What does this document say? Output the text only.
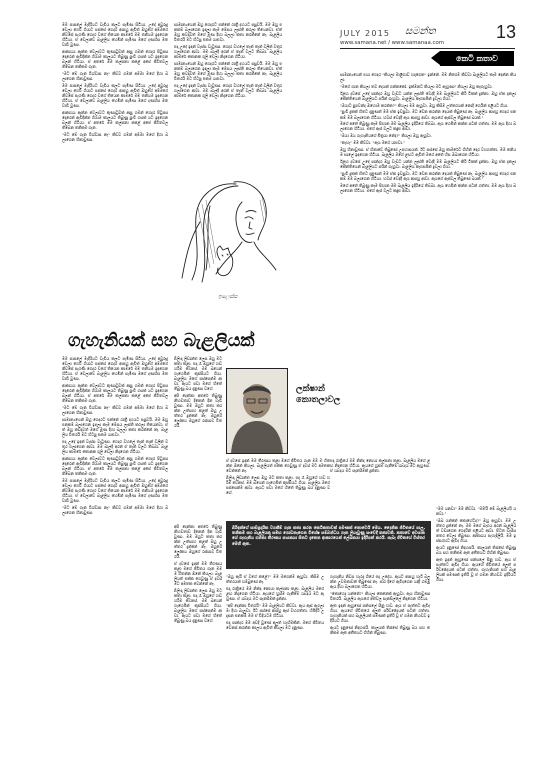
JULY 2015 සමන්ත	13
www.samana.net / www.samanaa.com
කෙටි කතාව

මම පාසලේ මැදිරියට වැඩිය කලට පැමිණ සිටියා. උදේ අවුරුදු වෙලා ගෙවී ගියාට පස්සේ ගෙදර ආපහු ඇවිත් ඔහුගේ අම්මගේ නිවසේ පැරණි ගෙදර වගේ තියෙන කාමරේ මම තනියම ඉඳගෙන හිටියා. ඒ වෙලාවේ බැළලිය හෙමින් පැමිණ මගේ දණහිස මත වාඩි වුණා.

ආකාශය ඇන්න වෙලාවට කුණාටුවක් ආපු ගමන් ගෙදර පිටුපස දොරෙන් ඇවිදින්න ගියාම කාලයට තිබුණු පුංචි ගසක් යට ඉඳගෙන බලන් හිටියා. ඒ අතරේ මම කල්පනා කළේ අපේ ජීවිතවල තිබෙන තනිකම ගැන.

"මට මේ ගැන විශ්වාස නෑ" කිව්ව ගමන් අම්මා මගේ දිහා බලාගෙන හිනාවුණා.

මම පාසලේ මැදිරියට වැඩිය කලට පැමිණ සිටියා. උදේ අවුරුදු වෙලා ගෙවී ගියාට පස්සේ ගෙදර ආපහු ඇවිත් ඔහුගේ අම්මගේ නිවසේ පැරණි ගෙදර වගේ තියෙන කාමරේ මම තනියම ඉඳගෙන හිටියා. ඒ වෙලාවේ බැළලිය හෙමින් පැමිණ මගේ දණහිස මත වාඩි වුණා.

ආකාශය ඇන්න වෙලාවට කුණාටුවක් ආපු ගමන් ගෙදර පිටුපස දොරෙන් ඇවිදින්න ගියාම කාලයට තිබුණු පුංචි ගසක් යට ඉඳගෙන බලන් හිටියා. ඒ අතරේ මම කල්පනා කළේ අපේ ජීවිතවල තිබෙන තනිකම ගැන.

"මට මේ ගැන විශ්වාස නෑ" කිව්ව ගමන් අම්මා මගේ දිහා බලාගෙන හිනාවුණා.

සාමාන්‍යයෙන් ඔහු ගෙදරට එන්නේ රාත්‍රී දහයට පසුවයි. මම ඔහු එනකම් බලාගෙන ඉඳලා කෑම මේසය ලෑස්ති කරලා තියෙනවා. ඒත් ඔහු කවදාවත් මගේ මූණ දිහා බලලා කතා කරන්නේ නෑ. බැළලිය විතරයි මට හිටපු එකම යාළුවා.

එදා උදේ ඉඳන් වැස්ස වැටුණා. ගෙදර වහලේ තැන් තැන් වලින් වතුර ගලාගෙන ආවා. මම බාල්දි අරන් ඒ තැන් වලට තිබ්බා. බැළලිය කාමරේ කොනක ගුලි වෙලා නිදාගෙන හිටියා.

සාමාන්‍යයෙන් ඔහු ගෙදරට එන්නේ රාත්‍රී දහයට පසුවයි. මම ඔහු එනකම් බලාගෙන ඉඳලා කෑම මේසය ලෑස්ති කරලා තියෙනවා. ඒත් ඔහු කවදාවත් මගේ මූණ දිහා බලලා කතා කරන්නේ නෑ. බැළලිය විතරයි මට හිටපු එකම යාළුවා.

එදා උදේ ඉඳන් වැස්ස වැටුණා. ගෙදර වහලේ තැන් තැන් වලින් වතුර ගලාගෙන ආවා. මම බාල්දි අරන් ඒ තැන් වලට තිබ්බා. බැළලිය කාමරේ කොනක ගුලි වෙලා නිදාගෙන හිටියා.

ඉලෙස්ස

සාමාන්‍යයෙන් එයා ගෙදර "කියලා මාළිගාව හදාගෙන" ඉන්නේ. මම නිතරම කිව්වා බැළලියට කෑම දෙන්න කියලා.

"මගේ ගාන කියලා තව දෙයක් ගන්නකෝ. ඉක්මනට කියලා මට ඇහුණා" කියලා ඔහු කෑගැහුවා.

ඊළඟ දවසේ උදේ පාන්දර ඔහු වැඩට යන්න ලෑස්ති වෙද්දී මම බැළලියට කිරි ටිකක් දුන්නා. ඔහු ඒක දැකලා කේන්තියෙන් බැළලියට පයින් ගැහුවා. බැළලිය කෑගසමින් දුවලා ගියා.

"ඔයාට පුළුවන්ද ඔහොම කරන්න?" කියලා මම ඇහුවා. ඔහු කිසිම උත්තරයක් නොදී ගෙයින් එළියට ගියා.

"පුංචි දුකක් හිතට දැනුණත් මම ඒක ඉවසුවා. මට වෙන කරන්න දෙයක් තිබුණේ නෑ. බැළලිය ආපහු ගෙදර එනකම් මම බලාගෙන හිටියා. හවස් වෙද්දී ඇය ආපහු ආවා. ඇයගේ ඇස්වල තිබුණේ බයක්."

මගේ අතේ තිබුණු කෑම පිඟාන මම බැළලිය ඉදිරියේ තිබ්බා. ඇය හෙමින් කන්න පටන් ගත්තා. මම ඇය දිහා බලාගෙන හිටියා. මගේ ඇස් වලට කඳුළු ආවා.

"ඔයා ඔය ගැහැනියගේ මිත්‍රයා නේද?" කියලා ඔහු ඇහුවා.

"නැහැ" මම කිව්වා. "ඇය මගේ යාළුවා."

ඔහු හිනාවුණා. ඒ හිනාවේ තිබුණේ උපහාසයක්. ඊට පස්සේ ඔහු කාමරේට ගිහින් දොර වහගත්තා. මම තනියම සාලේ ඉඳගෙන හිටියා. බැළලිය මගේ ළඟට ඇවිත් මගේ අතේ හිස ඔබාගෙන හිටියා.

ඊළඟ දවසේ උදේ පාන්දර ඔහු වැඩට යන්න ලෑස්ති වෙද්දී මම බැළලියට කිරි ටිකක් දුන්නා. ඔහු ඒක දැකලා කේන්තියෙන් බැළලියට පයින් ගැහුවා. බැළලිය කෑගසමින් දුවලා ගියා.

"පුංචි දුකක් හිතට දැනුණත් මම ඒක ඉවසුවා. මට වෙන කරන්න දෙයක් තිබුණේ නෑ. බැළලිය ආපහු ගෙදර එනකම් මම බලාගෙන හිටියා. හවස් වෙද්දී ඇය ආපහු ආවා. ඇයගේ ඇස්වල තිබුණේ බයක්."

මගේ අතේ තිබුණු කෑම පිඟාන මම බැළලිය ඉදිරියේ තිබ්බා. ඇය හෙමින් කන්න පටන් ගත්තා. මම ඇය දිහා බලාගෙන හිටියා. මගේ ඇස් වලට කඳුළු ආවා.

ගැහැනියක් සහ බැළලියක්

මම පාසලේ මැදිරියට වැඩිය කලට පැමිණ සිටියා. උදේ අවුරුදු වෙලා ගෙවී ගියාට පස්සේ ගෙදර ආපහු ඇවිත් ඔහුගේ අම්මගේ නිවසේ පැරණි ගෙදර වගේ තියෙන කාමරේ මම තනියම ඉඳගෙන හිටියා. ඒ වෙලාවේ බැළලිය හෙමින් පැමිණ මගේ දණහිස මත වාඩි වුණා.

ආකාශය ඇන්න වෙලාවට කුණාටුවක් ආපු ගමන් ගෙදර පිටුපස දොරෙන් ඇවිදින්න ගියාම කාලයට තිබුණු පුංචි ගසක් යට ඉඳගෙන බලන් හිටියා. ඒ අතරේ මම කල්පනා කළේ අපේ ජීවිතවල තිබෙන තනිකම ගැන.

"මට මේ ගැන විශ්වාස නෑ" කිව්ව ගමන් අම්මා මගේ දිහා බලාගෙන හිනාවුණා.

සාමාන්‍යයෙන් ඔහු ගෙදරට එන්නේ රාත්‍රී දහයට පසුවයි. මම ඔහු එනකම් බලාගෙන ඉඳලා කෑම මේසය ලෑස්ති කරලා තියෙනවා. ඒත් ඔහු කවදාවත් මගේ මූණ දිහා බලලා කතා කරන්නේ නෑ. බැළලිය විතරයි මට හිටපු එකම යාළුවා.

එදා උදේ ඉඳන් වැස්ස වැටුණා. ගෙදර වහලේ තැන් තැන් වලින් වතුර ගලාගෙන ආවා. මම බාල්දි අරන් ඒ තැන් වලට තිබ්බා. බැළලිය කාමරේ කොනක ගුලි වෙලා නිදාගෙන හිටියා.

ආකාශය ඇන්න වෙලාවට කුණාටුවක් ආපු ගමන් ගෙදර පිටුපස දොරෙන් ඇවිදින්න ගියාම කාලයට තිබුණු පුංචි ගසක් යට ඉඳගෙන බලන් හිටියා. ඒ අතරේ මම කල්පනා කළේ අපේ ජීවිතවල තිබෙන තනිකම ගැන.

මම පාසලේ මැදිරියට වැඩිය කලට පැමිණ සිටියා. උදේ අවුරුදු වෙලා ගෙවී ගියාට පස්සේ ගෙදර ආපහු ඇවිත් ඔහුගේ අම්මගේ නිවසේ පැරණි ගෙදර වගේ තියෙන කාමරේ මම තනියම ඉඳගෙන හිටියා. ඒ වෙලාවේ බැළලිය හෙමින් පැමිණ මගේ දණහිස මත වාඩි වුණා.

"මට මේ ගැන විශ්වාස නෑ" කිව්ව ගමන් අම්මා මගේ දිහා බලාගෙන හිනාවුණා.

බිලිංදා ලීඩාන්ත ලෙස ඔහු මට කතා කළා. එදා රෑ ඔහුගේ හඬ හරිම වෙනස්. මම බයෙන් ගැහෙමින් කුස්සියට ගියා. බැළලිය මගේ පස්සෙන්ම ආවා. ඇයට පවා මගේ හිතේ තිබුණු බය දැනුණා වගේ.

අපි දෙන්නා අතරේ තිබුණු නිහඬතාව දිනෙන් දින වැඩි වුණා. මම ඔහුට කතා කරන්න උත්සාහ කළත් ඔහු උත්තර දුන්නේ නෑ. ඔහුගේ ලෝකය ඔහුගේ රස්සාව විතරයි.

ලක්ෂාන් කොතලාවල

ඒ දවසේ ඉඳන් මම තීරණය කළා මගේ ජීවිතය ගැන මම ම හිතන්න ඕනේ කියලා. බැළලියත් එක්ක ගෙවුණු ඒ දවස් මට අමතක වෙන්නේ නෑ.

බිලිංදා ලීඩාන්ත ලෙස ඔහු මට කතා කළා. එදා රෑ ඔහුගේ හඬ හරිම වෙනස්. මම බයෙන් ගැහෙමින් කුස්සියට ගියා. බැළලිය මගේ පස්සෙන්ම ආවා. ඇයට පවා මගේ හිතේ තිබුණු බය දැනුණා වගේ.

බිරිඳක්ගේ සාම්ප්‍රදායික වගකීම් ගැන කතා කරන කෙටිකතාවක් පමණක් නොවෙයි මෙය. දෛනික ජීවිතයේ පාලු, තනිකම සහ බැළලියකු සමඟ ගොඩනැගෙන විශේෂ සම්බන්ධය ගැන ලියැවුණු සංවේදී කතාවකි. කතාවේ අවසානයේ ගැහැනිය ගන්නා තීරණය පාඨකයා සිතට දැනෙන ආකාරයෙන් ලේඛකයා ඉදිරිපත් කරයි. සැබෑ ජීවිතයේ විස්තර මෙහි ඇත.

අපි දෙන්නා අතරේ තිබුණු නිහඬතාව දිනෙන් දින වැඩි වුණා. මම ඔහුට කතා කරන්න උත්සාහ කළත් ඔහු උත්තර දුන්නේ නෑ. ඔහුගේ ලෝකය ඔහුගේ රස්සාව විතරයි.

ඒ දවසේ ඉඳන් මම තීරණය කළා මගේ ජීවිතය ගැන මම ම හිතන්න ඕනේ කියලා. බැළලියත් එක්ක ගෙවුණු ඒ දවස් මට අමතක වෙන්නේ නෑ.

බිලිංදා ලීඩාන්ත ලෙස ඔහු මට කතා කළා. එදා රෑ ඔහුගේ හඬ හරිම වෙනස්. මම බයෙන් ගැහෙමින් කුස්සියට ගියා. බැළලිය මගේ පස්සෙන්ම ආවා. ඇයට පවා මගේ හිතේ තිබුණු බය දැනුණා වගේ.

"ඔහු ඇයි ඒ වගේ කළේ?" මම මගෙන්ම ඇහුවා. කිසිම උත්තරයක් හම්බුණේ නෑ.

එදා රාත්‍රියේ මම නින්ද නොයා කල්පනා කළා. බැළලිය මගේ ළඟ නිදාගෙන හිටියා. ඇයගේ හුස්ම ගැනීමේ ශබ්දය මට ඇහුණා. ඒ ශබ්දය මට සැනසීමක් දුන්නා.

"අපි දෙන්නා විතරයි" මම බැළලියට කිව්වා. ඇය ඇස් ඇරලා මං දිහා බැලුවා. ඊට පස්සේ ආපහු ඇස් වහගත්තා. හිමිදිරි උදෑසන එනකම් මම ඒ විදියටම හිටියා.

එදා පාන්දර මම අවදි වුණේ අලුත් හැඟීමකින්. මගේ ජීවිතය වෙනස් කරන්න කාලය ඇවිත් කියලා මට දැනුණා.

එදා රාත්‍රියේ මම නින්ද නොයා කල්පනා කළා. බැළලිය මගේ ළඟ නිදාගෙන හිටියා. ඇයගේ හුස්ම ගැනීමේ ශබ්දය මට ඇහුණා. ඒ ශබ්දය මට සැනසීමක් දුන්නා.

ගැහැනිය නිවස හැරදා ගියේ එදා උදේය. ඇයට ආපහු හැරී බලන්න උවමනාවක් තිබුණේ නෑ. පාර දිගේ ඇවිදගෙන යද්දී ගම්මු ඇය දිහා බලාගෙන හිටියා.

"කොහෙද යන්නේ?" කියලා කෙනෙක් ඇහුවා. ඇය හිනාවුණා විතරයි. බැළලිය ඇයගේ අත්වල සැනසිල්ලේ නිදාගෙන හිටියා.

ඈත ඉඳන් ඇහුණේ පන්සලේ සීනු හඬ. ඇය ඒ පැත්තට ඇවිද ගියා. ඇයගේ ජීවිතයේ අලුත් පරිච්ඡේදයක් පටන් ගත්තා. ගැහැනියක් සහ බැළලියක් පමණක් ඉතිරි වූ ඒ ගමන නිහඬව ඉදිරියට ගියා.

ඇයට දැනුණේ නිදහසයි. කාලයක් තිස්සේ තිබුණු බය සහ තනිකම ඈත අතීතයට ගිහින් තිබුණා.

"මම යනවා" මම කිව්වා. "මමයි මේ බැළලියයි යනවා."

"ඔබ යන්නේ කොහේටද?" ඔහු ඇහුවා. මම උත්තර දුන්නේ නෑ. මම මගේ බෑගය අරන් බැළලියත් වඩාගෙන ගෙදරින් එළියට ආවා. පිටත වැස්ස නතර වෙලා තිබුණා. ආකාශය පැහැදිලියි. මම ඉස්සරහට ඇවිද ගියා.

ඇයට දැනුණේ නිදහසයි. කාලයක් තිස්සේ තිබුණු බය සහ තනිකම ඈත අතීතයට ගිහින් තිබුණා.

ඈත ඉඳන් ඇහුණේ පන්සලේ සීනු හඬ. ඇය ඒ පැත්තට ඇවිද ගියා. ඇයගේ ජීවිතයේ අලුත් පරිච්ඡේදයක් පටන් ගත්තා. ගැහැනියක් සහ බැළලියක් පමණක් ඉතිරි වූ ඒ ගමන නිහඬව ඉදිරියට ගියා.
